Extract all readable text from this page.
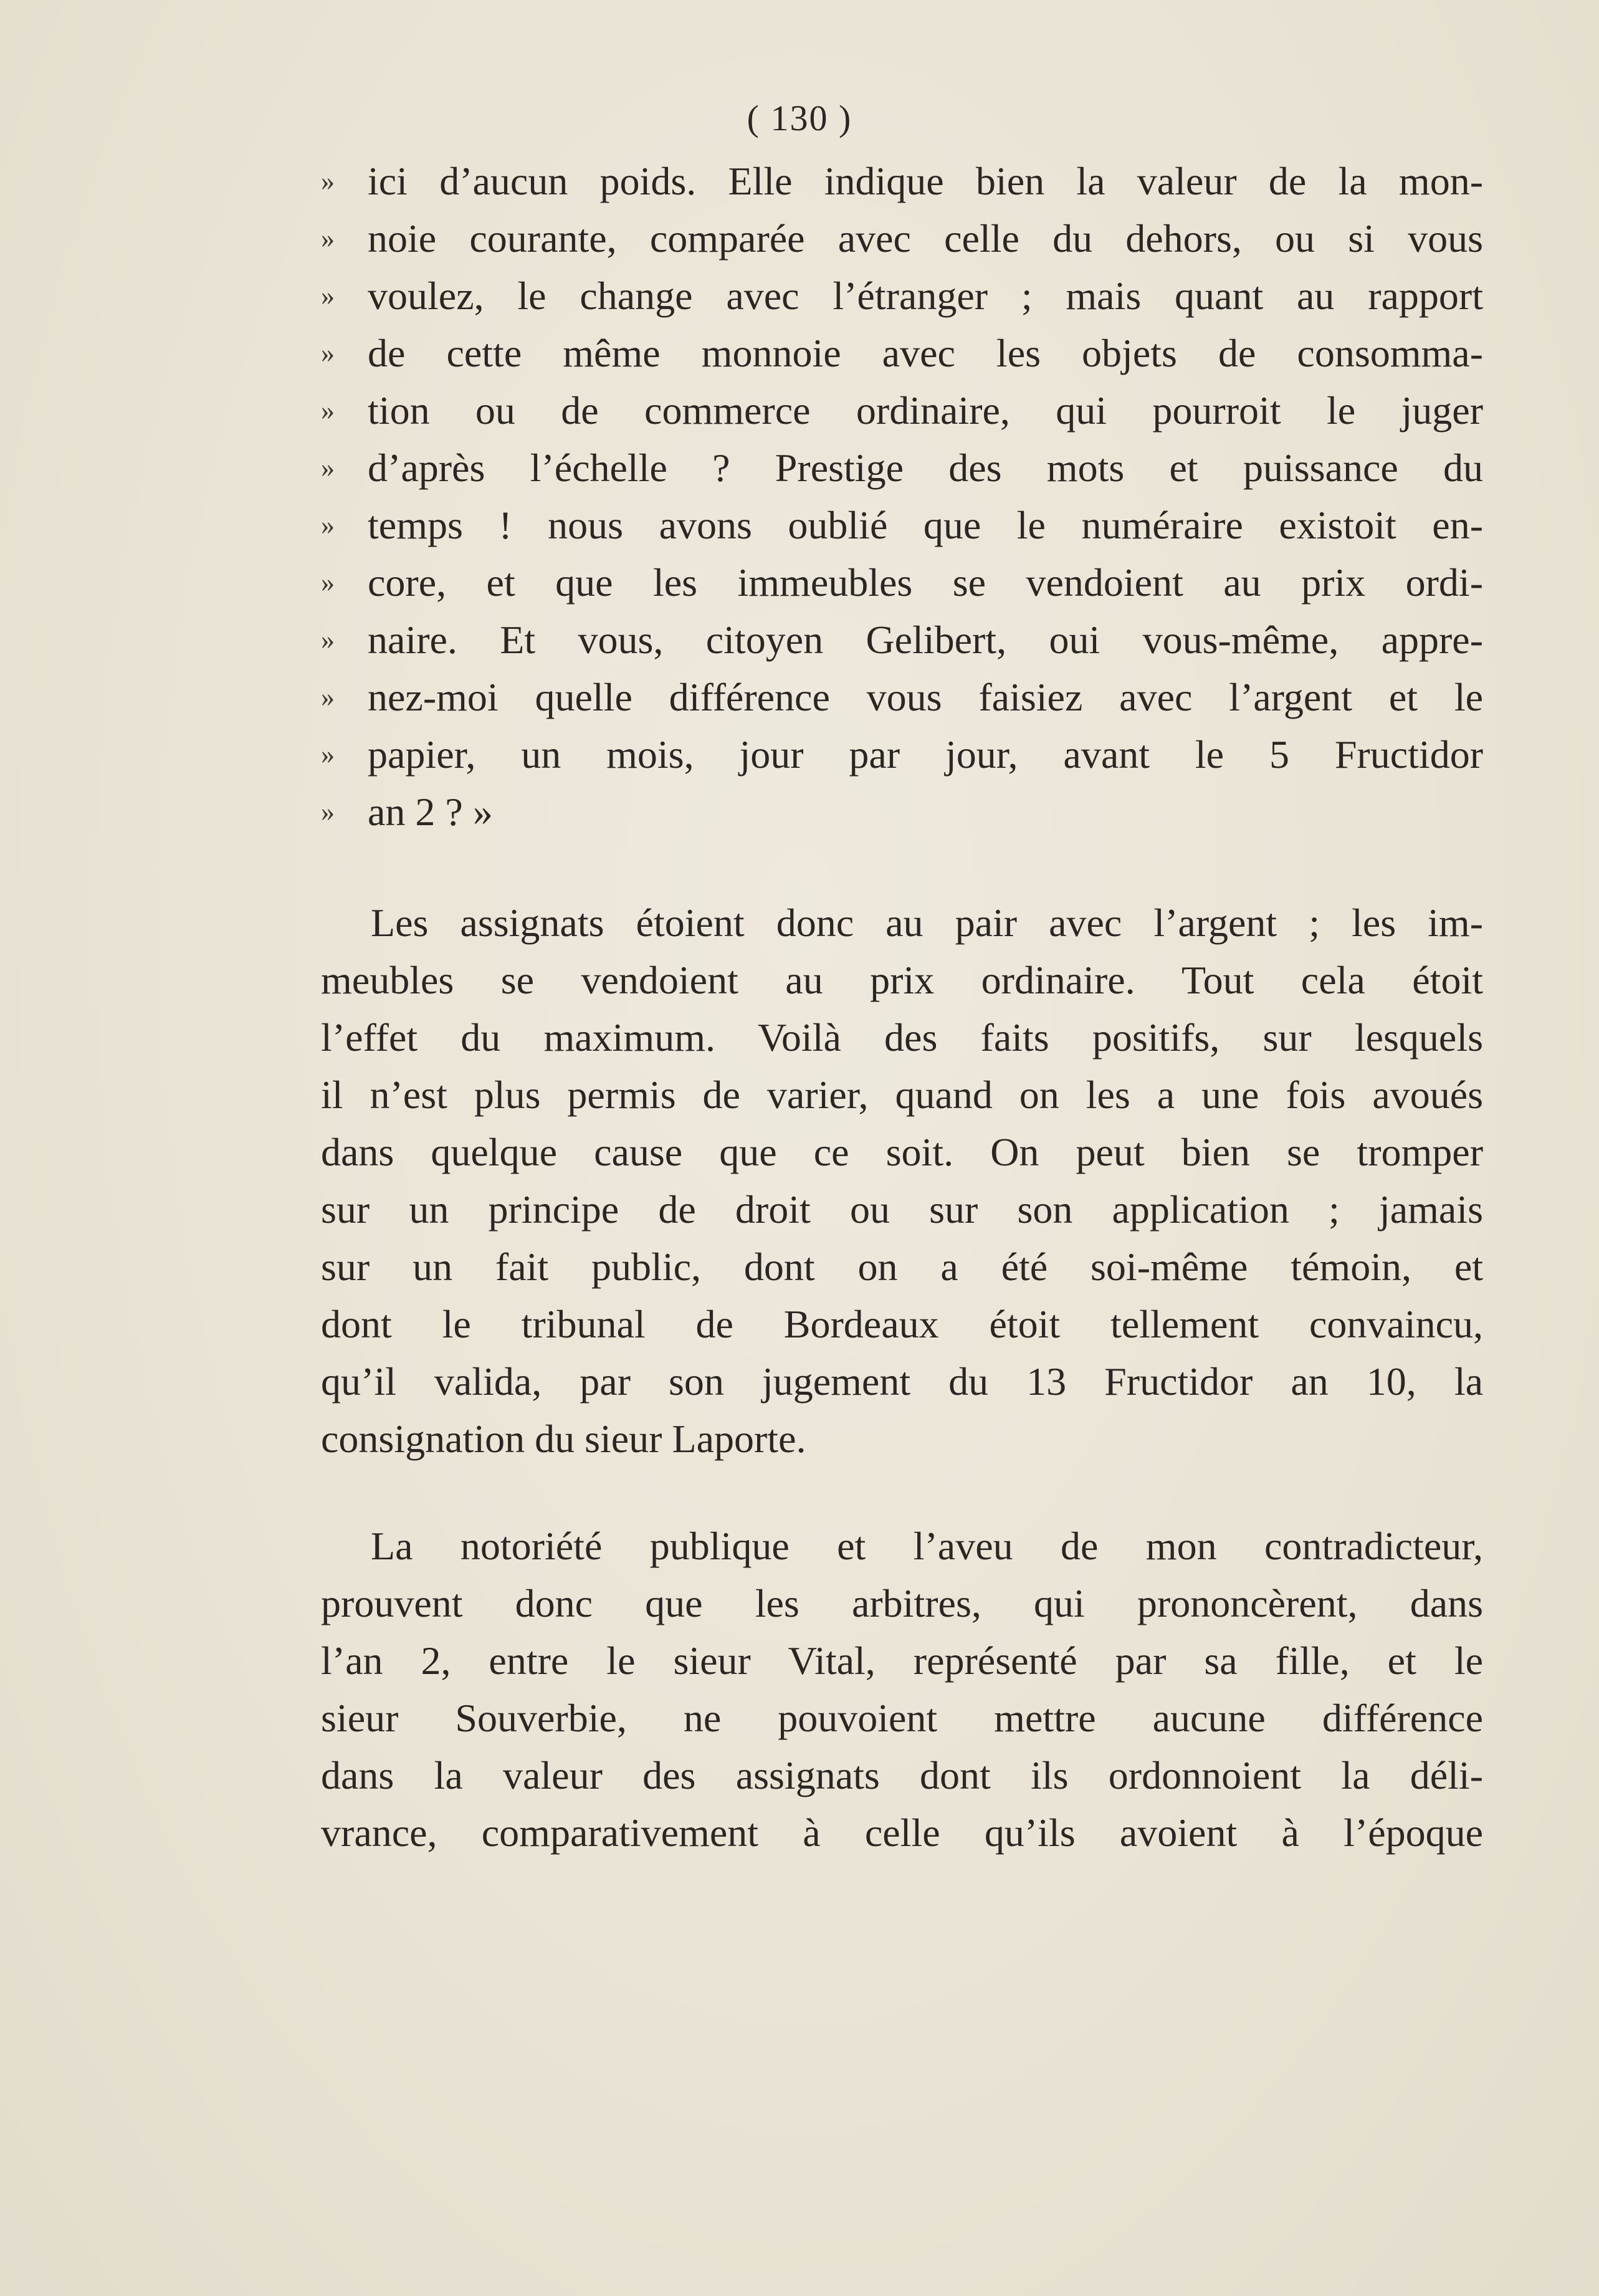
( 130 )
» ici d’aucun poids. Elle indique bien la valeur de la mon-
» noie courante, comparée avec celle du dehors, ou si vous
» voulez, le change avec l’étranger ; mais quant au rapport
» de cette même monnoie avec les objets de consomma-
» tion ou de commerce ordinaire, qui pourroit le juger
» d’après l’échelle ? Prestige des mots et puissance du
» temps ! nous avons oublié que le numéraire existoit en-
» core, et que les immeubles se vendoient au prix ordi-
» naire. Et vous, citoyen Gelibert, oui vous-même, appre-
» nez-moi quelle différence vous faisiez avec l’argent et le
» papier, un mois, jour par jour, avant le 5 Fructidor
» an 2 ? »
Les assignats étoient donc au pair avec l’argent ; les im-
meubles se vendoient au prix ordinaire. Tout cela étoit
l’effet du maximum. Voilà des faits positifs, sur lesquels
il n’est plus permis de varier, quand on les a une fois avoués
dans quelque cause que ce soit. On peut bien se tromper
sur un principe de droit ou sur son application ; jamais
sur un fait public, dont on a été soi-même témoin, et
dont le tribunal de Bordeaux étoit tellement convaincu,
qu’il valida, par son jugement du 13 Fructidor an 10, la
consignation du sieur Laporte.
La notoriété publique et l’aveu de mon contradicteur,
prouvent donc que les arbitres, qui prononcèrent, dans
l’an 2, entre le sieur Vital, représenté par sa fille, et le
sieur Souverbie, ne pouvoient mettre aucune différence
dans la valeur des assignats dont ils ordonnoient la déli-
vrance, comparativement à celle qu’ils avoient à l’époque
